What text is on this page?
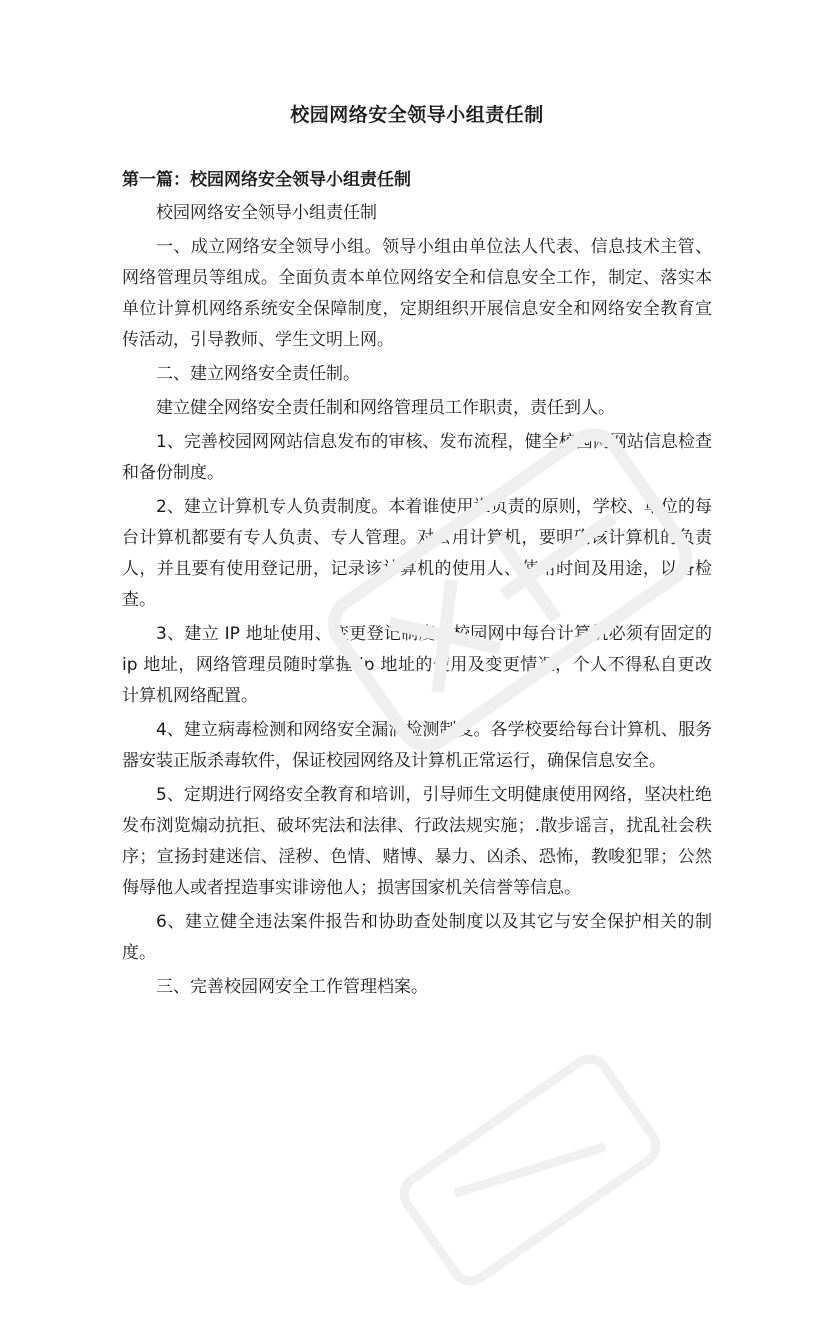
校园网络安全领导小组责任制
第一篇：校园网络安全领导小组责任制

校园网络安全领导小组责任制

一、成立网络安全领导小组。领导小组由单位法人代表、信息技术主管、网络管理员等组成。全面负责本单位网络安全和信息安全工作，制定、落实本单位计算机网络系统安全保障制度，定期组织开展信息安全和网络安全教育宣传活动，引导教师、学生文明上网。

二、建立网络安全责任制。

建立健全网络安全责任制和网络管理员工作职责，责任到人。

1、完善校园网网站信息发布的审核、发布流程，健全校园网网站信息检查和备份制度。

2、建立计算机专人负责制度。本着谁使用谁负责的原则，学校、单位的每台计算机都要有专人负责、专人管理。对公用计算机，要明确该计算机的负责人，并且要有使用登记册，记录该计算机的使用人、使用时间及用途，以备检查。

3、建立 IP 地址使用、变更登记制度。校园网中每台计算机必须有固定的 ip 地址，网络管理员随时掌握 ip 地址的使用及变更情况，个人不得私自更改计算机网络配置。

4、建立病毒检测和网络安全漏洞检测制度。各学校要给每台计算机、服务器安装正版杀毒软件，保证校园网络及计算机正常运行，确保信息安全。

5、定期进行网络安全教育和培训，引导师生文明健康使用网络，坚决杜绝发布浏览煽动抗拒、破坏宪法和法律、行政法规实施；.散步谣言，扰乱社会秩序；宣扬封建迷信、淫秽、色情、赌博、暴力、凶杀、恐怖，教唆犯罪；公然侮辱他人或者捏造事实诽谤他人；损害国家机关信誉等信息。

6、建立健全违法案件报告和协助查处制度以及其它与安全保护相关的制度。

三、完善校园网安全工作管理档案。
